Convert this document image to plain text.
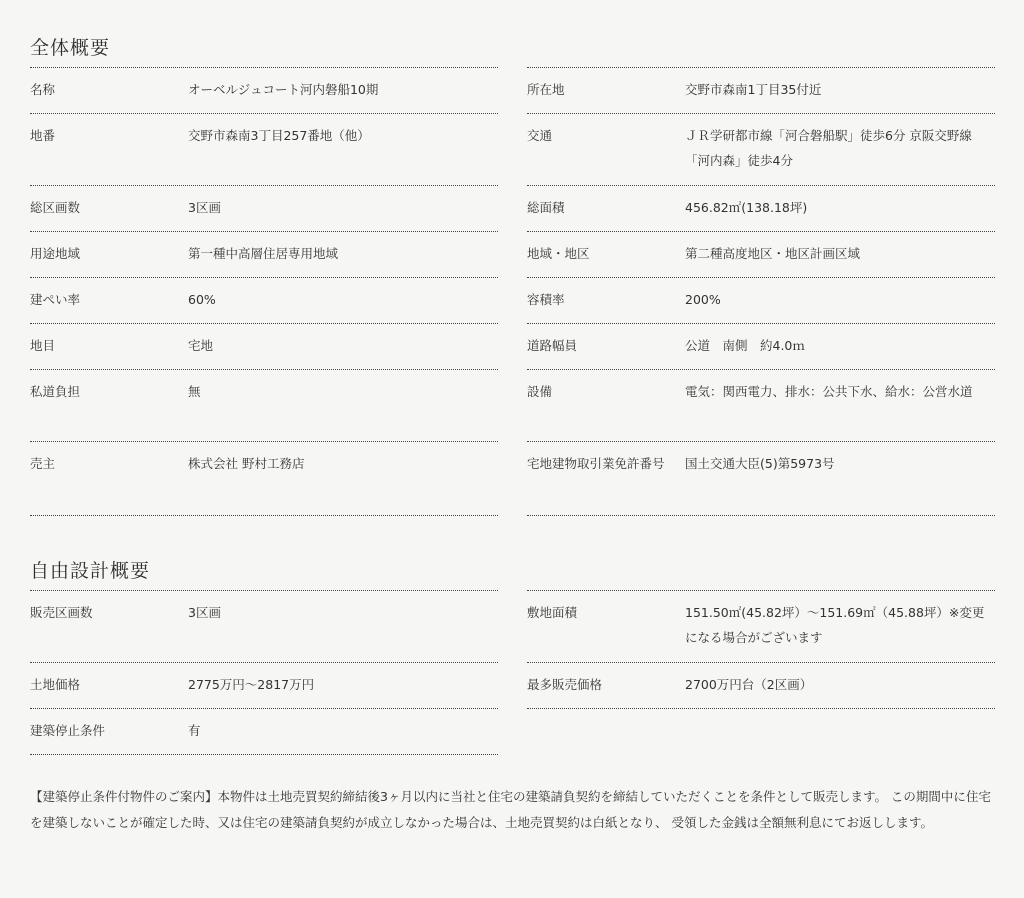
全体概要
名称	オーベルジュコート河内磐船10期
地番	交野市森南3丁目257番地（他）
総区画数	3区画
用途地域	第一種中高層住居専用地域
建ぺい率	60%
地目	宅地
私道負担	無
売主	株式会社 野村工務店
所在地	交野市森南1丁目35付近
交通	ＪＲ学研都市線「河合磐船駅」徒歩6分 京阪交野線「河内森」徒歩4分
総面積	456.82㎡(138.18坪)
地域・地区	第二種高度地区・地区計画区域
容積率	200%
道路幅員	公道　南側　約4.0ｍ
設備	電気：関西電力、排水：公共下水、給水：公営水道
宅地建物取引業免許番号	国土交通大臣(5)第5973号
自由設計概要
販売区画数	3区画
土地価格	2775万円〜2817万円
建築停止条件	有
敷地面積	151.50㎡(45.82坪）〜151.69㎡（45.88坪）※変更になる場合がございます
最多販売価格	2700万円台（2区画）
【建築停止条件付物件のご案内】本物件は土地売買契約締結後3ヶ月以内に当社と住宅の建築請負契約を締結していただくことを条件として販売します。 この期間中に住宅を建築しないことが確定した時、又は住宅の建築請負契約が成立しなかった場合は、土地売買契約は白紙となり、 受領した金銭は全額無利息にてお返しします。
